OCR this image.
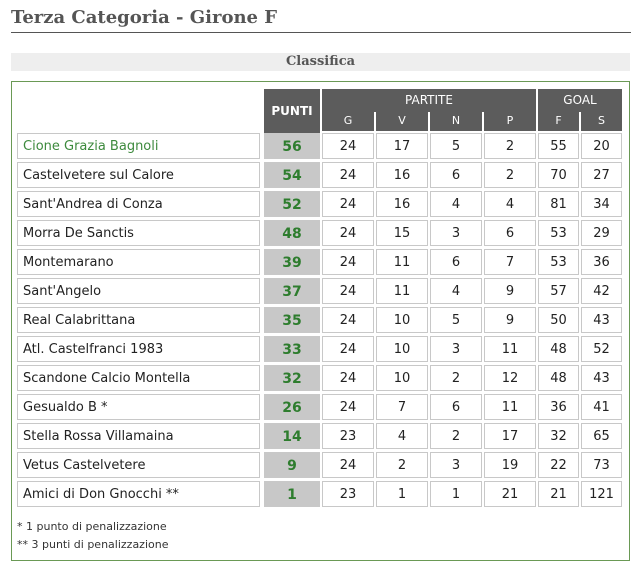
Terza Categoria - Girone F
Classifica
PUNTI
PARTITE	GOAL
G	V	N	P	F	S
Cione Grazia Bagnoli	56	24	17	5	2	55	20
Castelvetere sul Calore	54	24	16	6	2	70	27
Sant'Andrea di Conza	52	24	16	4	4	81	34
Morra De Sanctis	48	24	15	3	6	53	29
Montemarano	39	24	11	6	7	53	36
Sant'Angelo	37	24	11	4	9	57	42
Real Calabrittana	35	24	10	5	9	50	43
Atl. Castelfranci 1983	33	24	10	3	11	48	52
Scandone Calcio Montella	32	24	10	2	12	48	43
Gesualdo B *	26	24	7	6	11	36	41
Stella Rossa Villamaina	14	23	4	2	17	32	65
Vetus Castelvetere	9	24	2	3	19	22	73
Amici di Don Gnocchi **	1	23	1	1	21	21	121
* 1 punto di penalizzazione
** 3 punti di penalizzazione
